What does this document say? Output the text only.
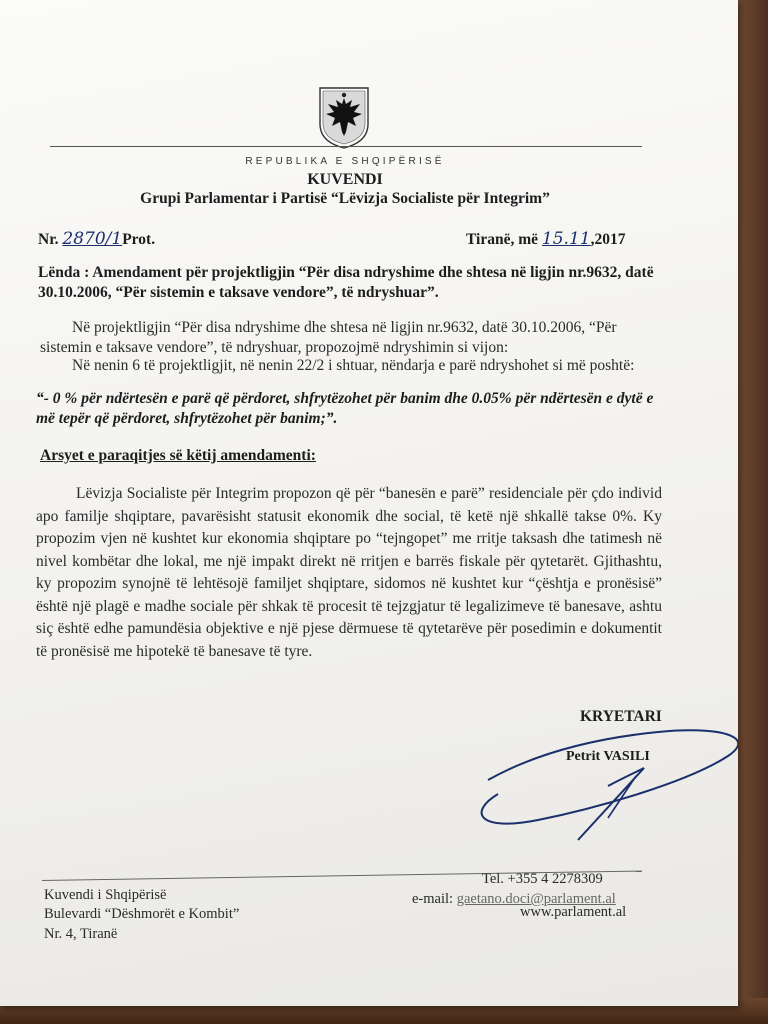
REPUBLIKA E SHQIPËRISË
KUVENDI
Grupi Parlamentar i Partisë “Lëvizja Socialiste për Integrim”
Nr. 2870/1Prot.	Tiranë, më 15.11,2017
Lënda : Amendament për projektligjin “Për disa ndryshime dhe shtesa në ligjin nr.9632, datë 30.10.2006, “Për sistemin e taksave vendore”, të ndryshuar”.
Në projektligjin “Për disa ndryshime dhe shtesa në ligjin nr.9632, datë 30.10.2006, “Për sistemin e taksave vendore”, të ndryshuar, propozojmë ndryshimin si vijon:
Në nenin 6 të projektligjit, në nenin 22/2 i shtuar, nëndarja e parë ndryshohet si më poshtë:
“- 0 % për ndërtesën e parë që përdoret, shfrytëzohet për banim dhe 0.05% për ndërtesën e dytë e më tepër që përdoret, shfrytëzohet për banim;”.
Arsyet e paraqitjes së këtij amendamenti:
Lëvizja Socialiste për Integrim propozon që për “banesën e parë” residenciale për çdo individ apo familje shqiptare, pavarësisht statusit ekonomik dhe social, të ketë një shkallë takse 0%. Ky propozim vjen në kushtet kur ekonomia shqiptare po “tejngopet” me rritje taksash dhe tatimesh në nivel kombëtar dhe lokal, me një impakt direkt në rritjen e barrës fiskale për qytetarët. Gjithashtu, ky propozim synojnë të lehtësojë familjet shqiptare, sidomos në kushtet kur “çështja e pronësisë” është një plagë e madhe sociale për shkak të procesit të tejzgjatur të legalizimeve të banesave, ashtu siç është edhe pamundësia objektive e një pjese dërmuese të qytetarëve për posedimin e dokumentit të pronësisë me hipotekë të banesave të tyre.
KRYETARI
Petrit VASILI
Kuvendi i Shqipërisë
Bulevardi “Dëshmorët e Kombit”
Nr. 4, Tiranë
Tel. +355 4 2278309
e-mail: gaetano.doci@parlament.al
www.parlament.al
